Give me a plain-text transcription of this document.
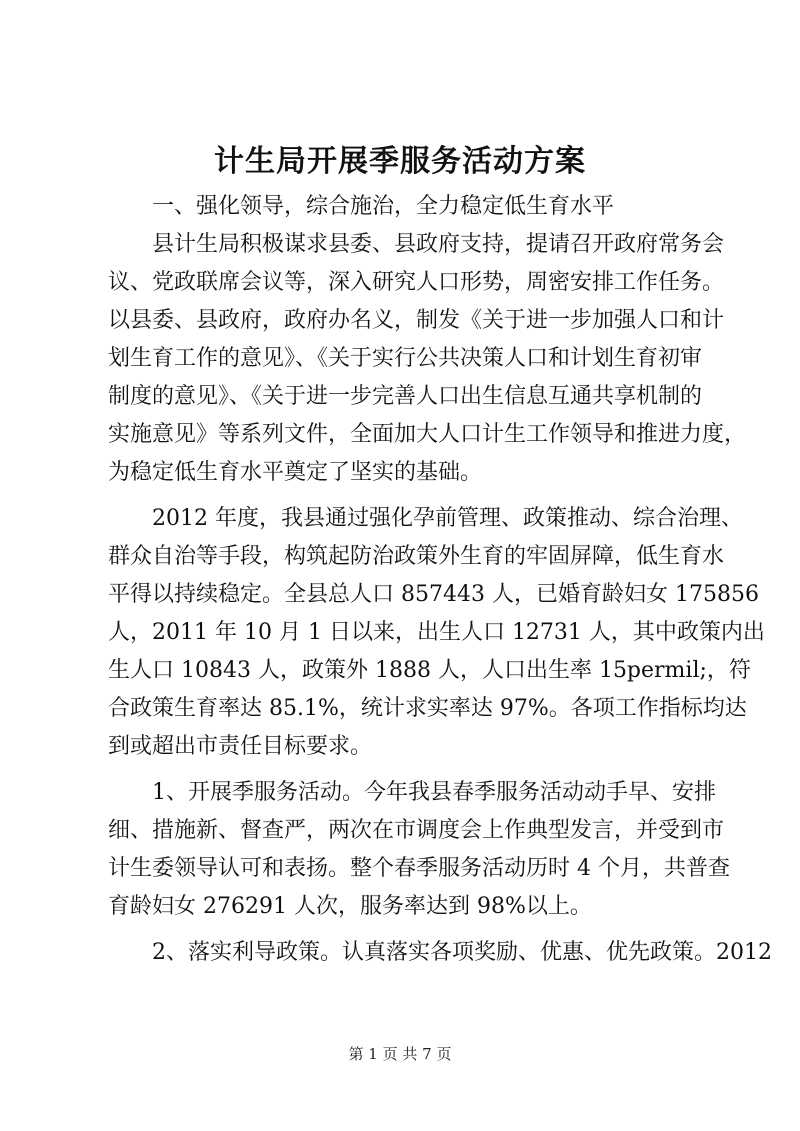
计生局开展季服务活动方案
一、强化领导，综合施治，全力稳定低生育水平
县计生局积极谋求县委、县政府支持，提请召开政府常务会
议、党政联席会议等，深入研究人口形势，周密安排工作任务。
以县委、县政府，政府办名义，制发《关于进一步加强人口和计
划生育工作的意见》、《关于实行公共决策人口和计划生育初审
制度的意见》、《关于进一步完善人口出生信息互通共享机制的
实施意见》等系列文件，全面加大人口计生工作领导和推进力度，
为稳定低生育水平奠定了坚实的基础。
2012 年度，我县通过强化孕前管理、政策推动、综合治理、
群众自治等手段，构筑起防治政策外生育的牢固屏障，低生育水
平得以持续稳定。全县总人口 857443 人，已婚育龄妇女 175856
人，2011 年 10 月 1 日以来，出生人口 12731 人，其中政策内出
生人口 10843 人，政策外 1888 人，人口出生率 15permil;，符
合政策生育率达 85.1%，统计求实率达 97%。各项工作指标均达
到或超出市责任目标要求。
1、开展季服务活动。今年我县春季服务活动动手早、安排
细、措施新、督查严，两次在市调度会上作典型发言，并受到市
计生委领导认可和表扬。整个春季服务活动历时 4 个月，共普查
育龄妇女 276291 人次，服务率达到 98%以上。
2、落实利导政策。认真落实各项奖励、优惠、优先政策。2012
第 1 页 共 7 页
